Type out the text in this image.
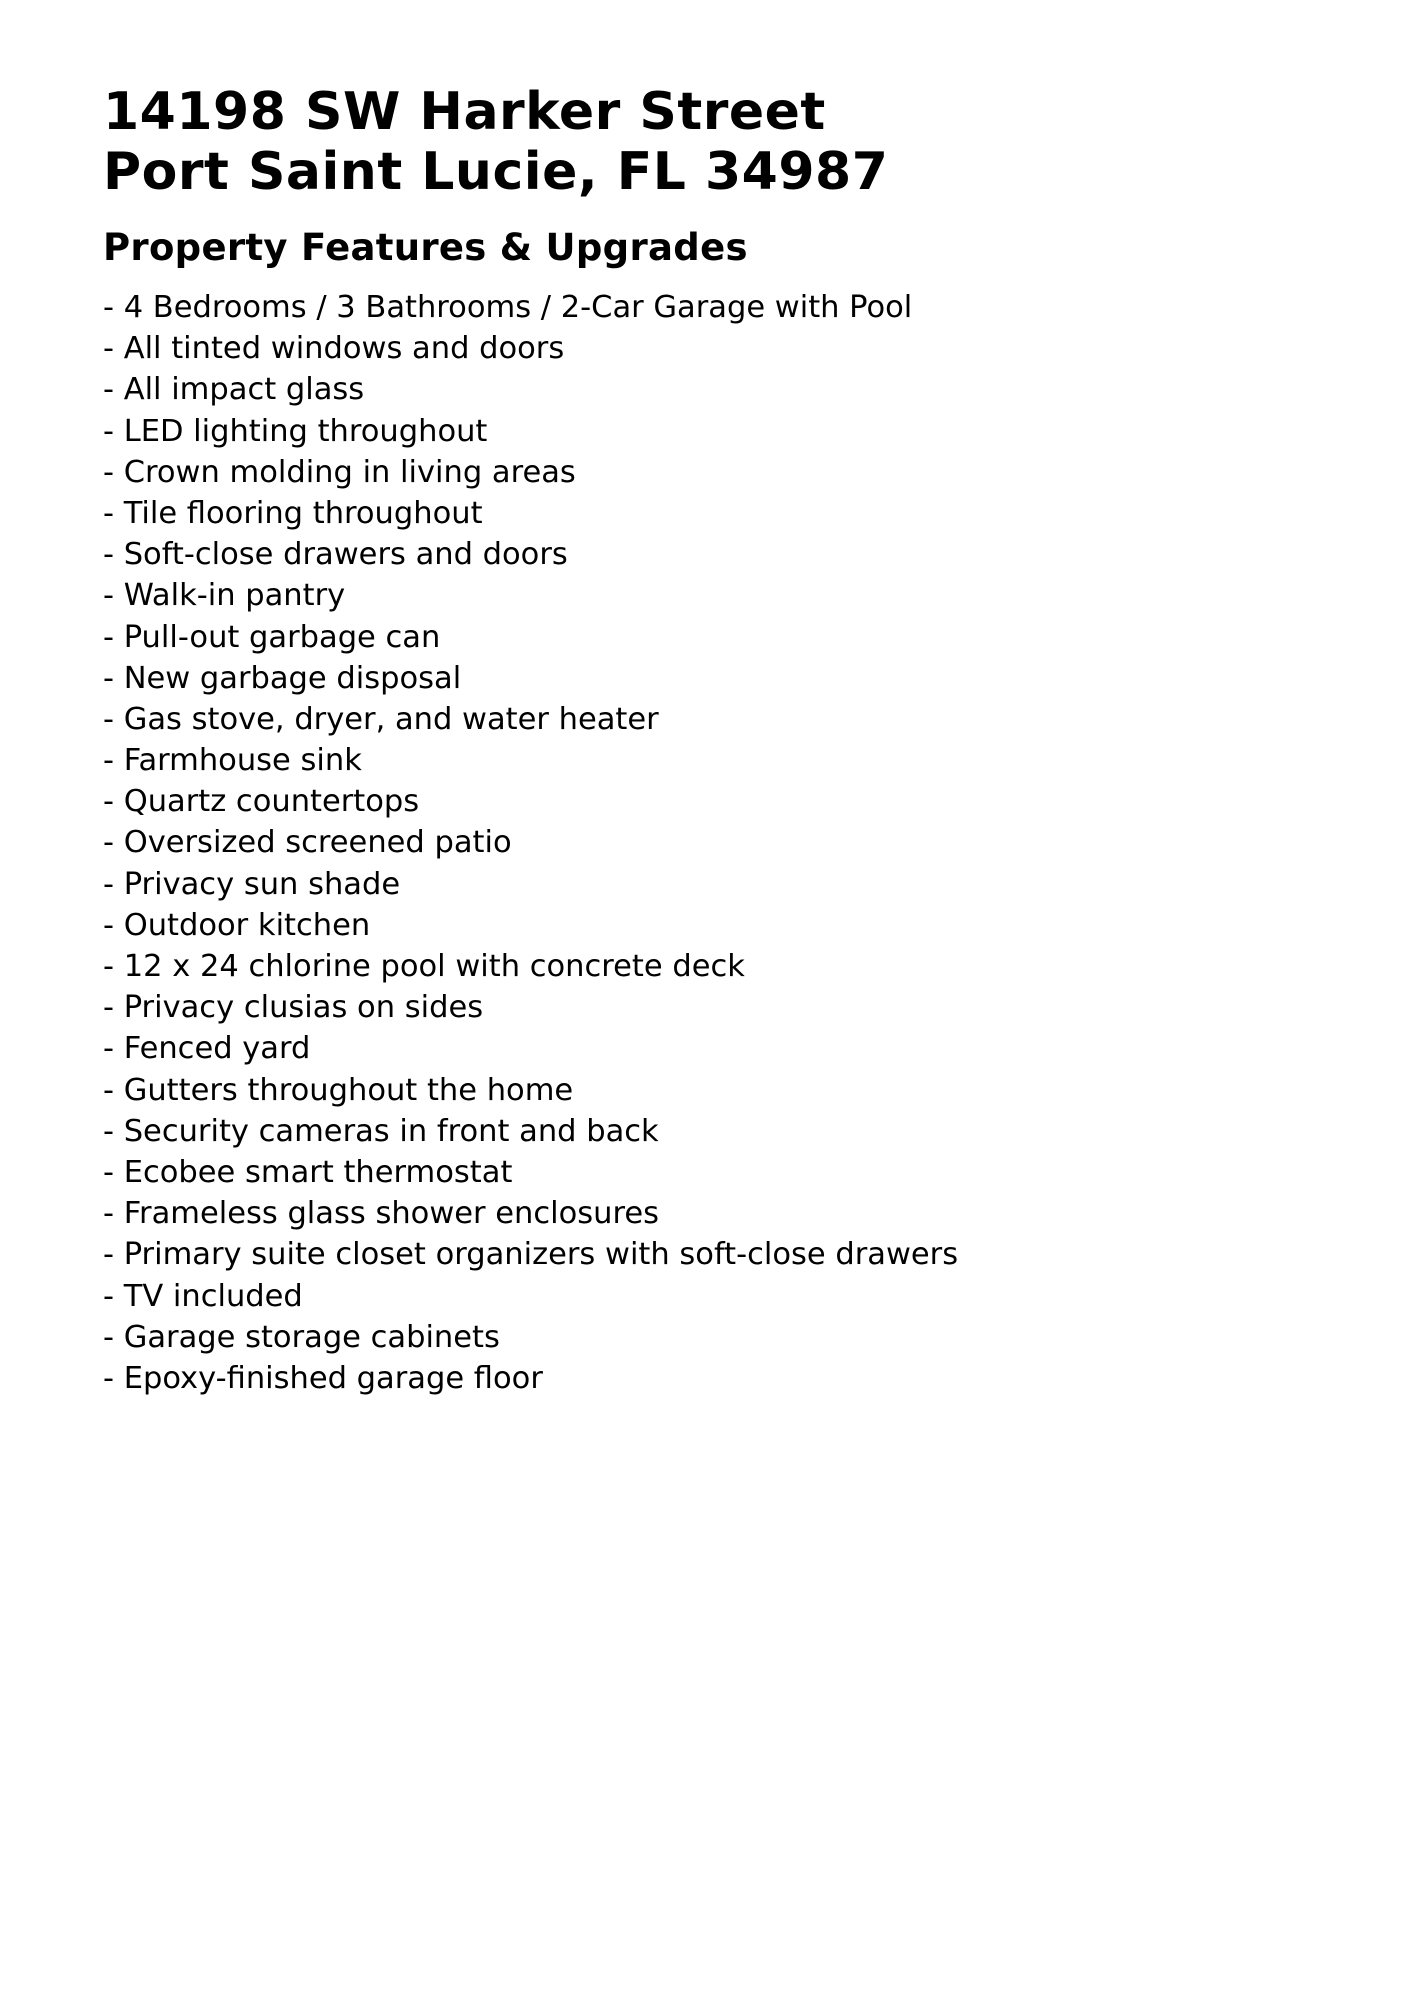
14198 SW Harker Street
Port Saint Lucie, FL 34987
Property Features & Upgrades
- 4 Bedrooms / 3 Bathrooms / 2-Car Garage with Pool
- All tinted windows and doors
- All impact glass
- LED lighting throughout
- Crown molding in living areas
- Tile flooring throughout
- Soft-close drawers and doors
- Walk-in pantry
- Pull-out garbage can
- New garbage disposal
- Gas stove, dryer, and water heater
- Farmhouse sink
- Quartz countertops
- Oversized screened patio
- Privacy sun shade
- Outdoor kitchen
- 12 x 24 chlorine pool with concrete deck
- Privacy clusias on sides
- Fenced yard
- Gutters throughout the home
- Security cameras in front and back
- Ecobee smart thermostat
- Frameless glass shower enclosures
- Primary suite closet organizers with soft-close drawers
- TV included
- Garage storage cabinets
- Epoxy-finished garage floor
